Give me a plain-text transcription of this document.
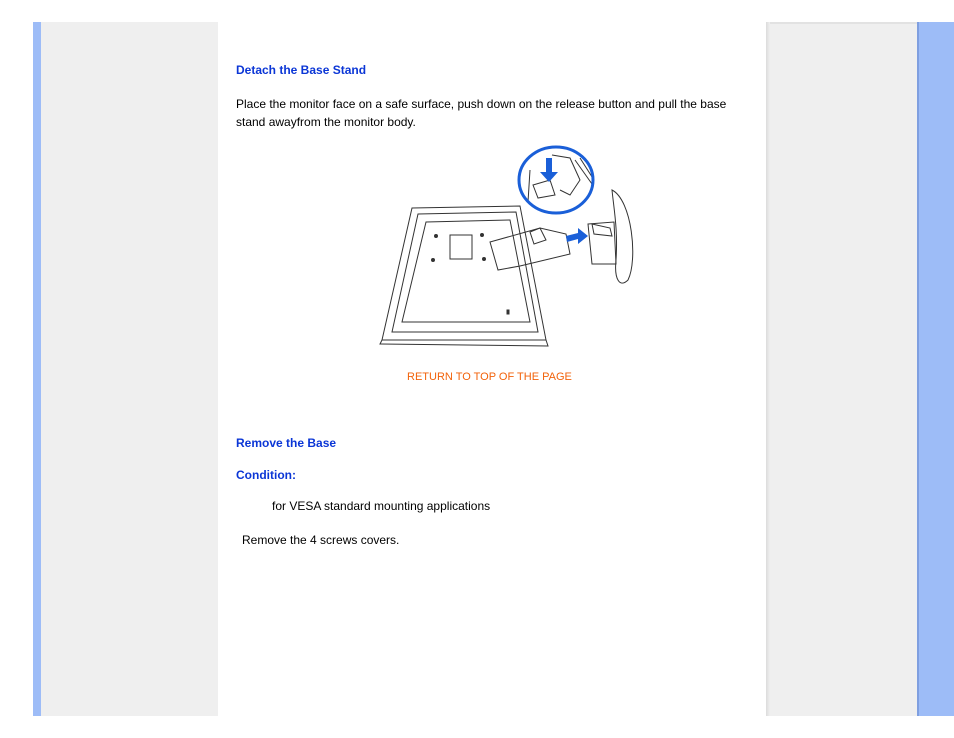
Detach the Base Stand

Place the monitor face on a safe surface, push down on the release button and pull the base

stand awayfrom the monitor body.

RETURN TO TOP OF THE PAGE
Remove the Base
Condition:

for VESA standard mounting applications

Remove the 4 screws covers.
